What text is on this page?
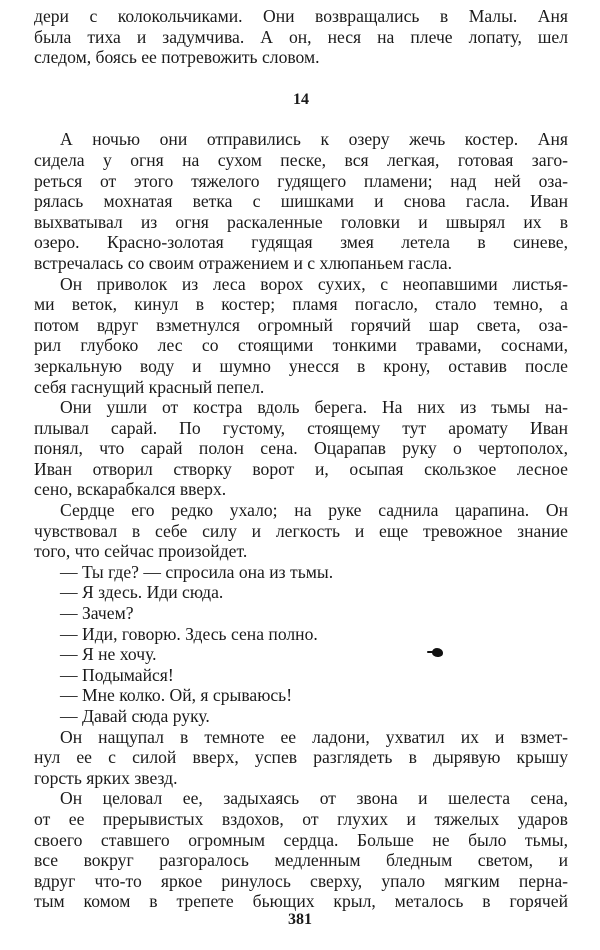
дери с колокольчиками. Они возвращались в Малы. Аня
была тиха и задумчива. А он, неся на плече лопату, шел
следом, боясь ее потревожить словом.
14
А ночью они отправились к озеру жечь костер. Аня
сидела у огня на сухом песке, вся легкая, готовая заго-
реться от этого тяжелого гудящего пламени; над ней оза-
рялась мохнатая ветка с шишками и снова гасла. Иван
выхватывал из огня раскаленные головки и швырял их в
озеро. Красно-золотая гудящая змея летела в синеве,
встречалась со своим отражением и с хлюпаньем гасла.
Он приволок из леса ворох сухих, с неопавшими листья-
ми веток, кинул в костер; пламя погасло, стало темно, а
потом вдруг взметнулся огромный горячий шар света, оза-
рил глубоко лес со стоящими тонкими травами, соснами,
зеркальную воду и шумно унесся в крону, оставив после
себя гаснущий красный пепел.
Они ушли от костра вдоль берега. На них из тьмы на-
плывал сарай. По густому, стоящему тут аромату Иван
понял, что сарай полон сена. Оцарапав руку о чертополох,
Иван отворил створку ворот и, осыпая скользкое лесное
сено, вскарабкался вверх.
Сердце его редко ухало; на руке саднила царапина. Он
чувствовал в себе силу и легкость и еще тревожное знание
того, что сейчас произойдет.
— Ты где? — спросила она из тьмы.
— Я здесь. Иди сюда.
— Зачем?
— Иди, говорю. Здесь сена полно.
— Я не хочу.
— Подымайся!
— Мне колко. Ой, я срываюсь!
— Давай сюда руку.
Он нащупал в темноте ее ладони, ухватил их и взмет-
нул ее с силой вверх, успев разглядеть в дырявую крышу
горсть ярких звезд.
Он целовал ее, задыхаясь от звона и шелеста сена,
от ее прерывистых вздохов, от глухих и тяжелых ударов
своего ставшего огромным сердца. Больше не было тьмы,
все вокруг разгоралось медленным бледным светом, и
вдруг что-то яркое ринулось сверху, упало мягким перна-
тым комом в трепете бьющих крыл, металось в горячей
381
